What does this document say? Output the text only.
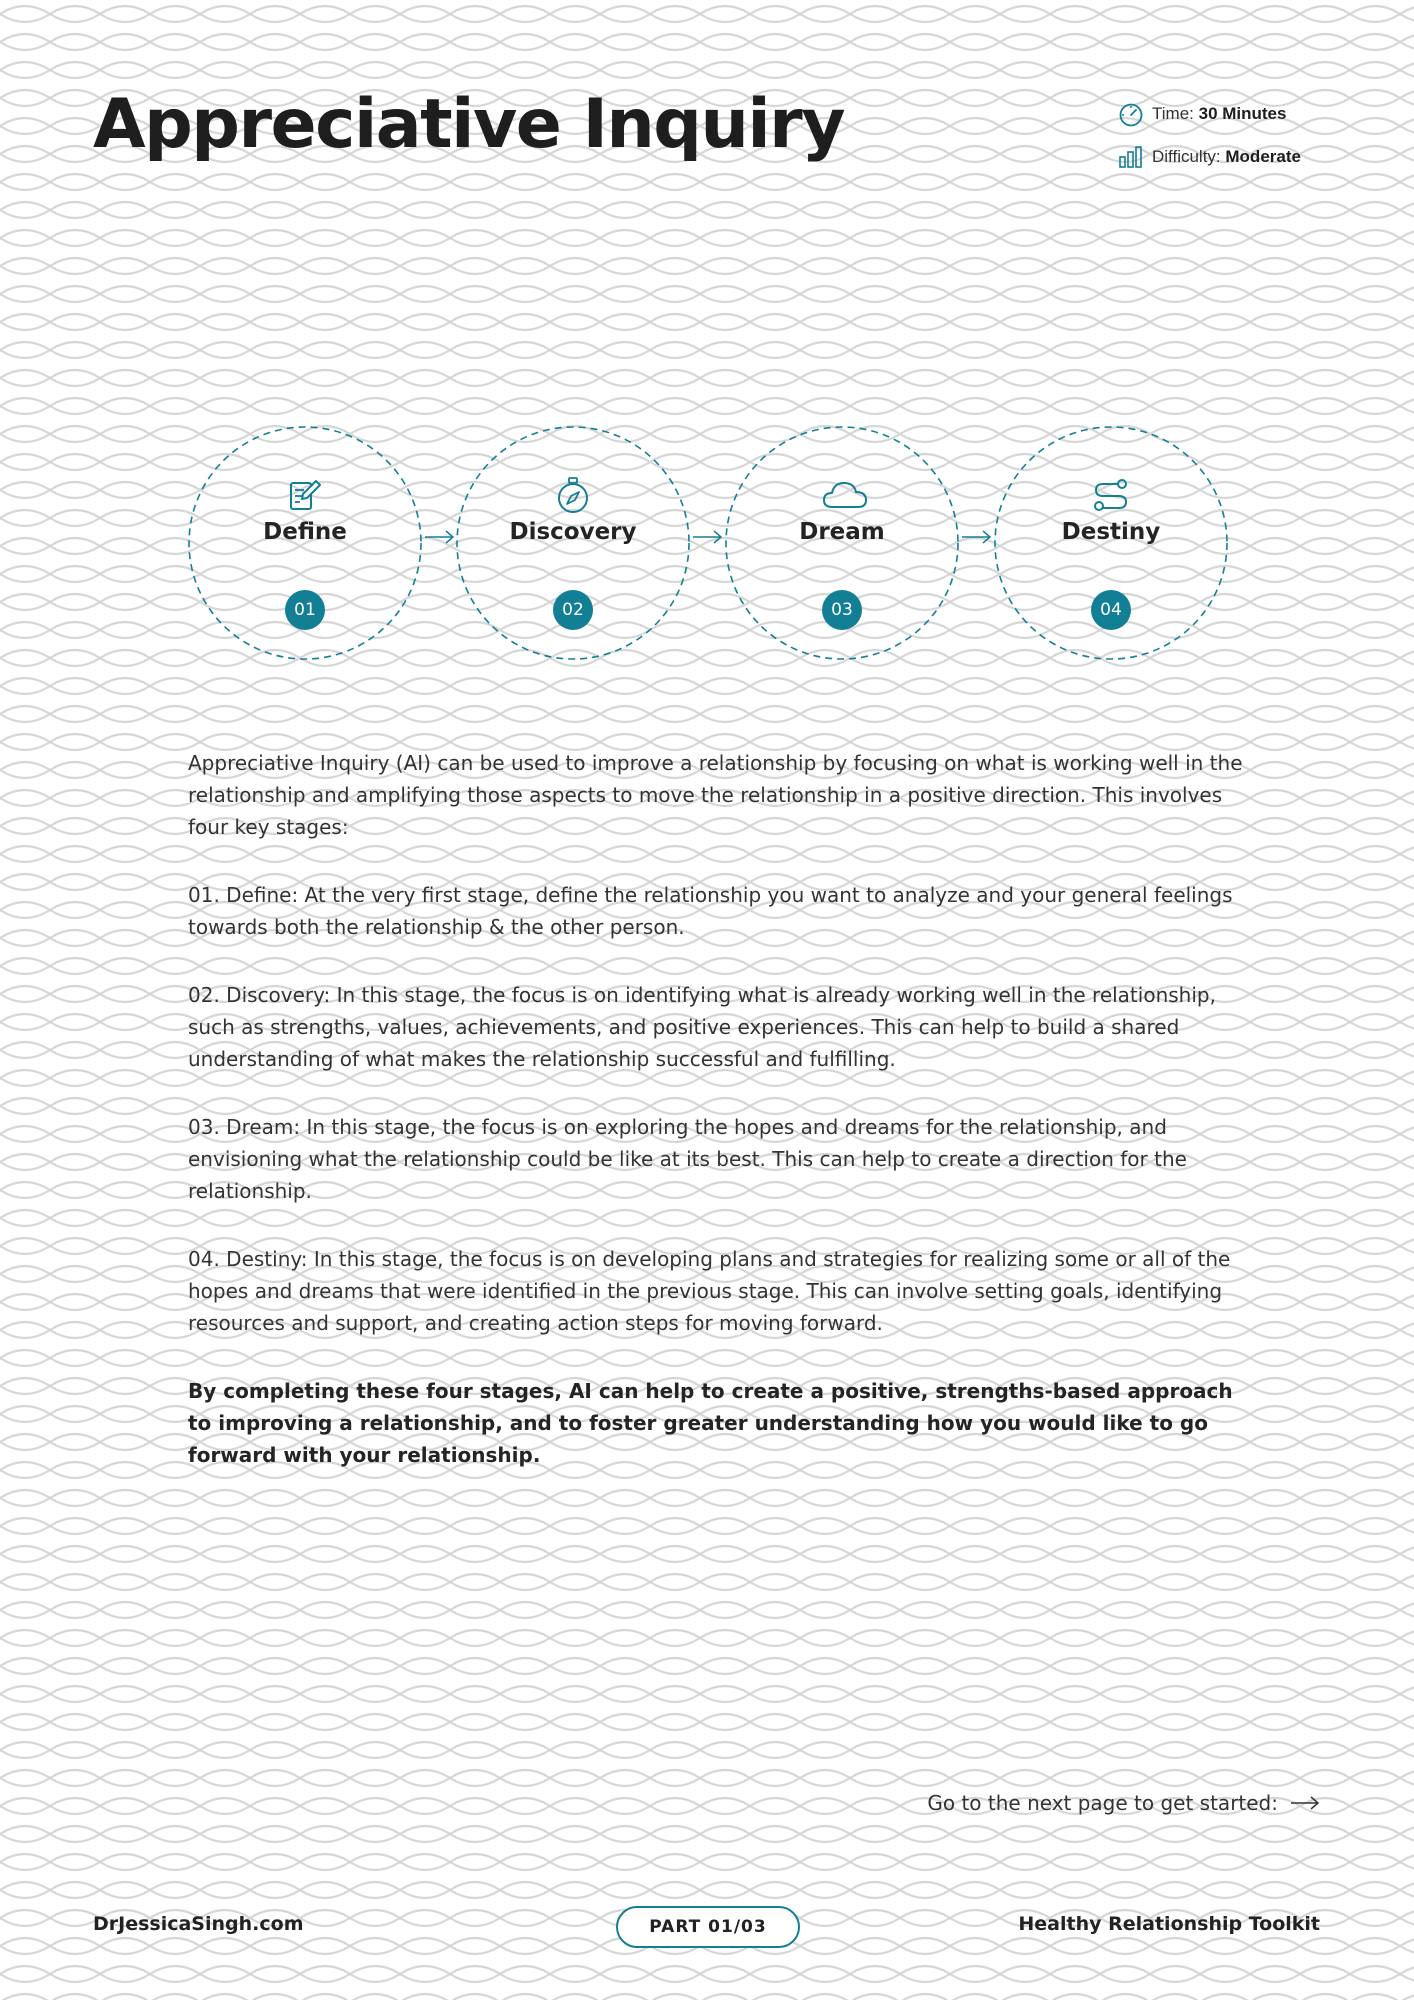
Appreciative Inquiry	Time:
30 Minutes
Difficulty:
Moderate
Define
01
Discovery
02
Dream
03
Destiny
04

Appreciative Inquiry (AI) can be used to improve a relationship by focusing on what is working well in the relationship and amplifying those aspects to move the relationship in a positive direction. This involves four key stages:

01. Define: At the very first stage, define the relationship you want to analyze and your general feelings towards both the relationship & the other person.

02. Discovery: In this stage, the focus is on identifying what is already working well in the relationship, such as strengths, values, achievements, and positive experiences. This can help to build a shared understanding of what makes the relationship successful and fulfilling.

03. Dream: In this stage, the focus is on exploring the hopes and dreams for the relationship, and envisioning what the relationship could be like at its best. This can help to create a direction for the relationship.

04. Destiny: In this stage, the focus is on developing plans and strategies for realizing some or all of the hopes and dreams that were identified in the previous stage. This can involve setting goals, identifying resources and support, and creating action steps for moving forward.

By completing these four stages, AI can help to create a positive, strengths-based approach to improving a relationship, and to foster greater understanding how you would like to go forward with your relationship.

Go to the next page to get started:
DrJessicaSingh.com	PART 01/03	Healthy Relationship Toolkit
